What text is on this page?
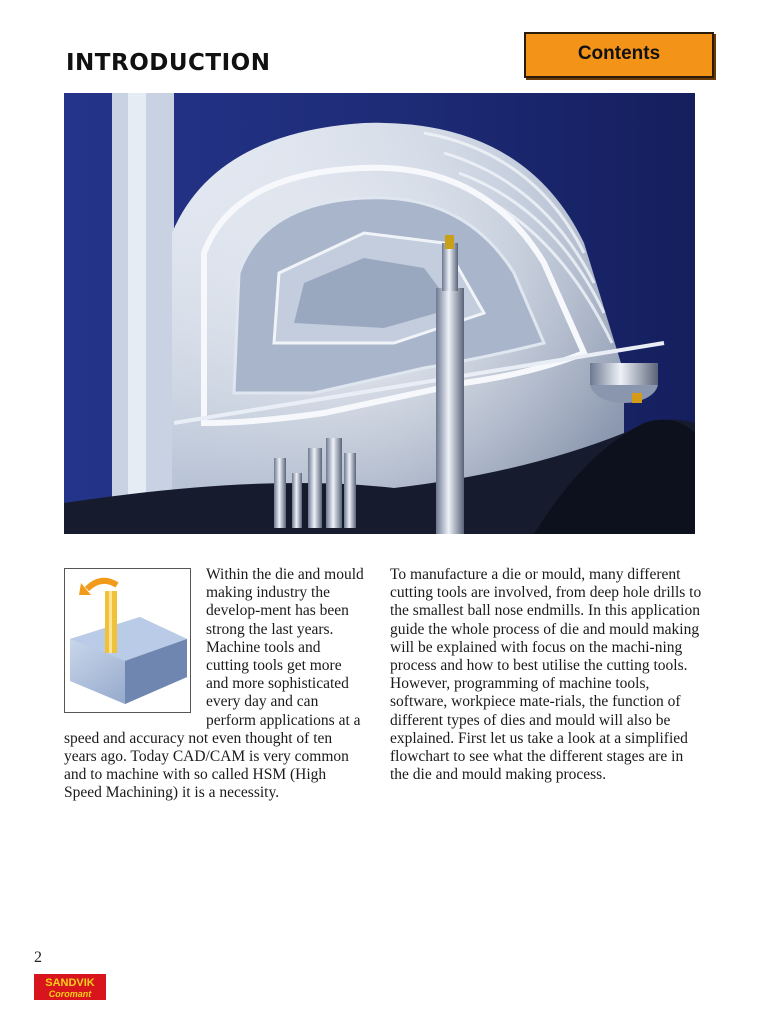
INTRODUCTION	Contents

Within the die and mould making industry the develop-ment has been strong the last years. Machine tools and cutting tools get more and more sophisticated every day and can perform applications at a speed and accuracy not even thought of ten years ago. Today CAD/CAM is very common and to machine with so called HSM (High Speed Machining) it is a necessity.

To manufacture a die or mould, many different cutting tools are involved, from deep hole drills to the smallest ball nose endmills. In this application guide the whole process of die and mould making will be explained with focus on the machi-ning process and how to best utilise the cutting tools. However, programming of machine tools, software, workpiece mate-rials, the function of different types of dies and mould will also be explained. First let us take a look at a simplified flowchart to see what the different stages are in the die and mould making process.

2
SANDVIK
Coromant
